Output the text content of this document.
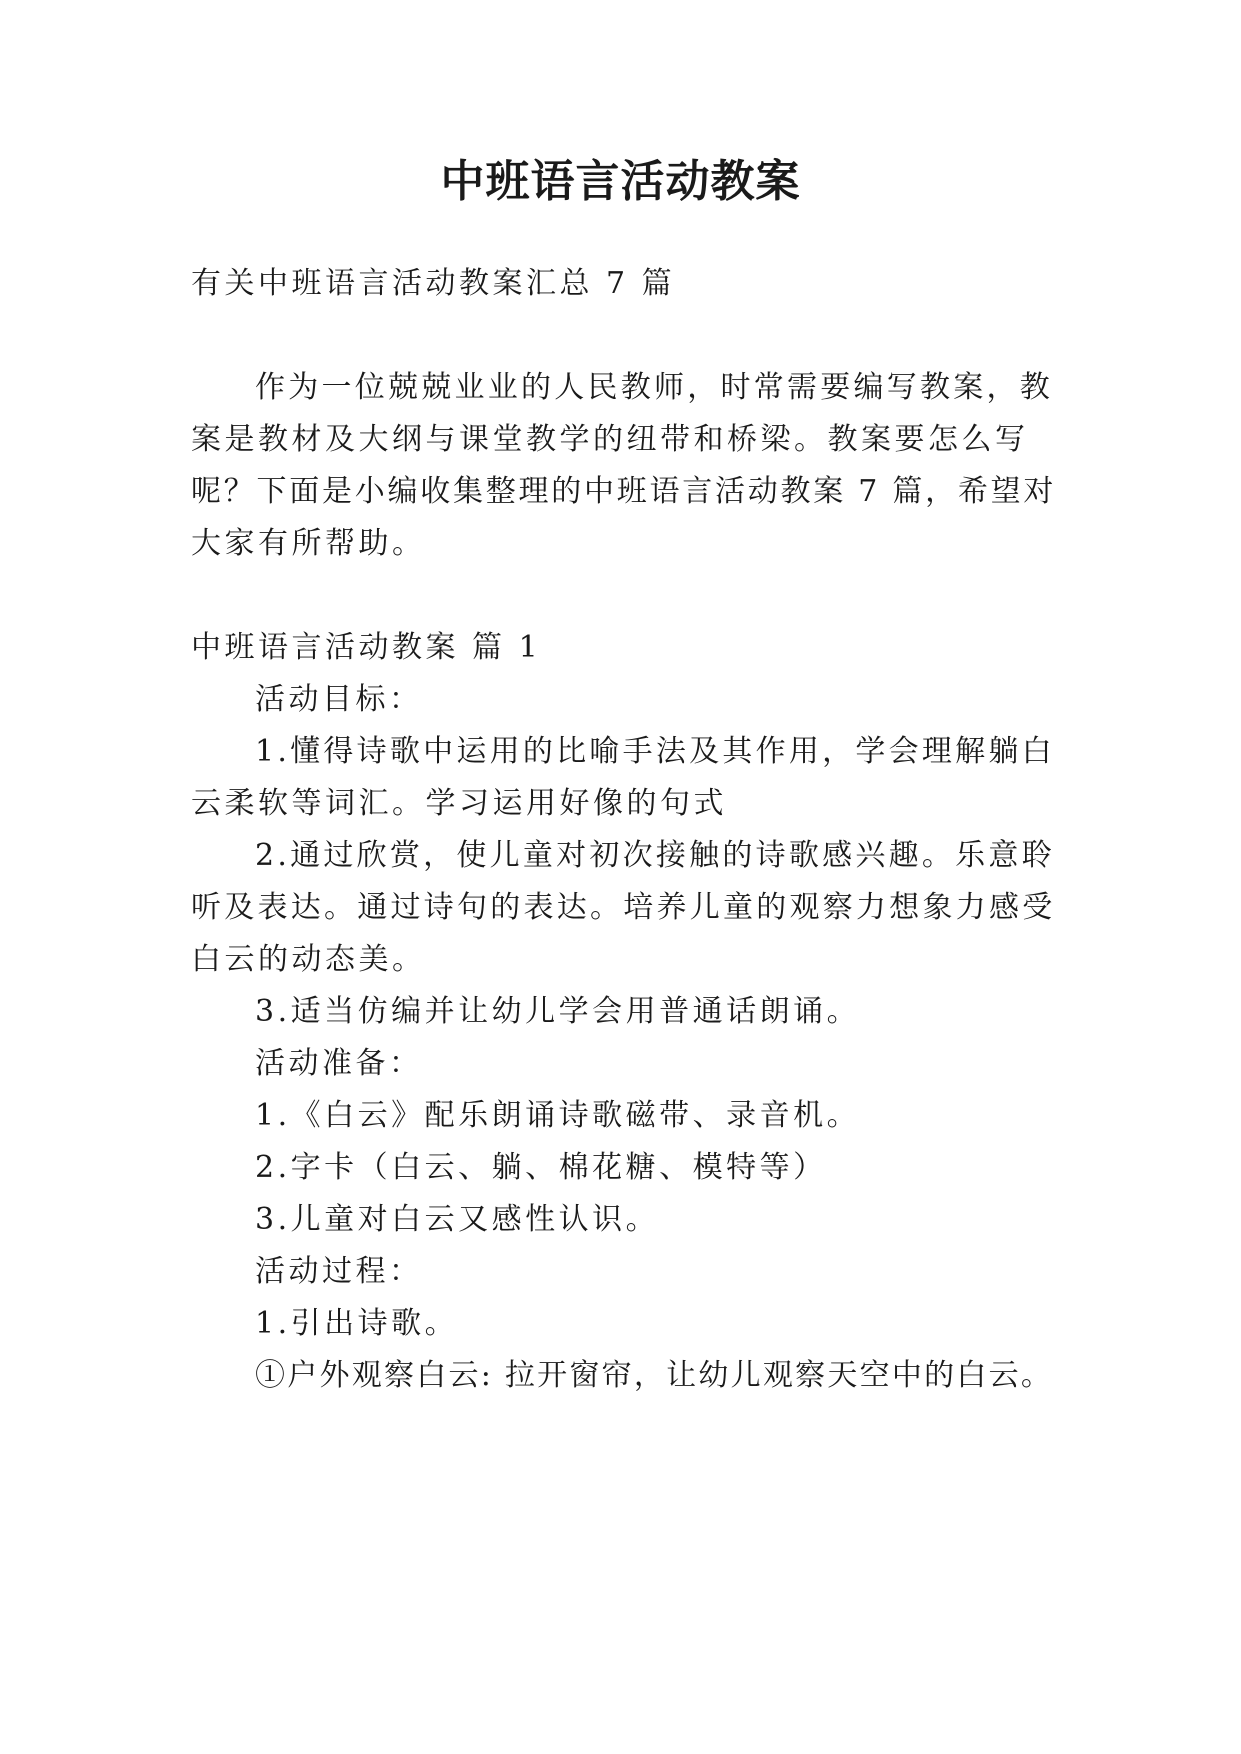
中班语言活动教案
有关中班语言活动教案汇总 7 篇
作为一位兢兢业业的人民教师，时常需要编写教案，教
案是教材及大纲与课堂教学的纽带和桥梁。教案要怎么写
呢？下面是小编收集整理的中班语言活动教案 7 篇，希望对
大家有所帮助。
中班语言活动教案 篇 1
活动目标：
1.懂得诗歌中运用的比喻手法及其作用，学会理解躺白
云柔软等词汇。学习运用好像的句式
2.通过欣赏，使儿童对初次接触的诗歌感兴趣。乐意聆
听及表达。通过诗句的表达。培养儿童的观察力想象力感受
白云的动态美。
3.适当仿编并让幼儿学会用普通话朗诵。
活动准备：
1.《白云》配乐朗诵诗歌磁带、录音机。
2.字卡（白云、躺、棉花糖、模特等）
3.儿童对白云又感性认识。
活动过程：
1.引出诗歌。
①户外观察白云: 拉开窗帘，让幼儿观察天空中的白云。
